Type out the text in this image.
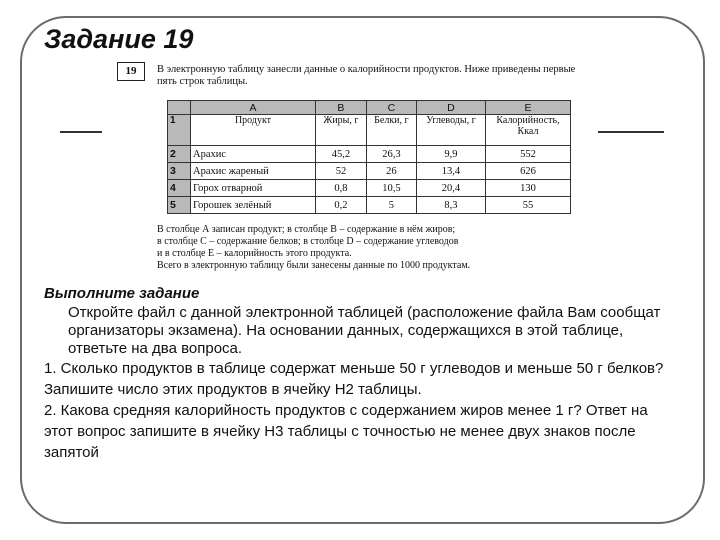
Задание 19
19	В электронную таблицу занесли данные о калорийности продуктов. Ниже приведены первые пять строк таблицы.
	A	B	C	D	E
1	Продукт	Жиры, г	Белки, г	Углеводы, г	Калорийность, Ккал
2	Арахис	45,2	26,3	9,9	552
3	Арахис жареный	52	26	13,4	626
4	Горох отварной	0,8	10,5	20,4	130
5	Горошек зелёный	0,2	5	8,3	55
В столбце А записан продукт; в столбце В – содержание в нём жиров;
в столбце С – содержание белков; в столбце D – содержание углеводов
и в столбце Е – калорийность этого продукта.
Всего в электронную таблицу были занесены данные по 1000 продуктам.

Выполните задание

Откройте файл с данной электронной таблицей (расположение файла Вам сообщат организаторы экзамена). На основании данных, содержащихся в этой таблице, ответьте на два вопроса.

1. Сколько продуктов в таблице содержат меньше 50 г углеводов и меньше 50 г белков? Запишите число этих продуктов в ячейку H2 таблицы.

2. Какова средняя калорийность продуктов с содержанием жиров менее 1 г? Ответ на этот вопрос запишите в ячейку H3 таблицы с точностью не менее двух знаков после запятой
